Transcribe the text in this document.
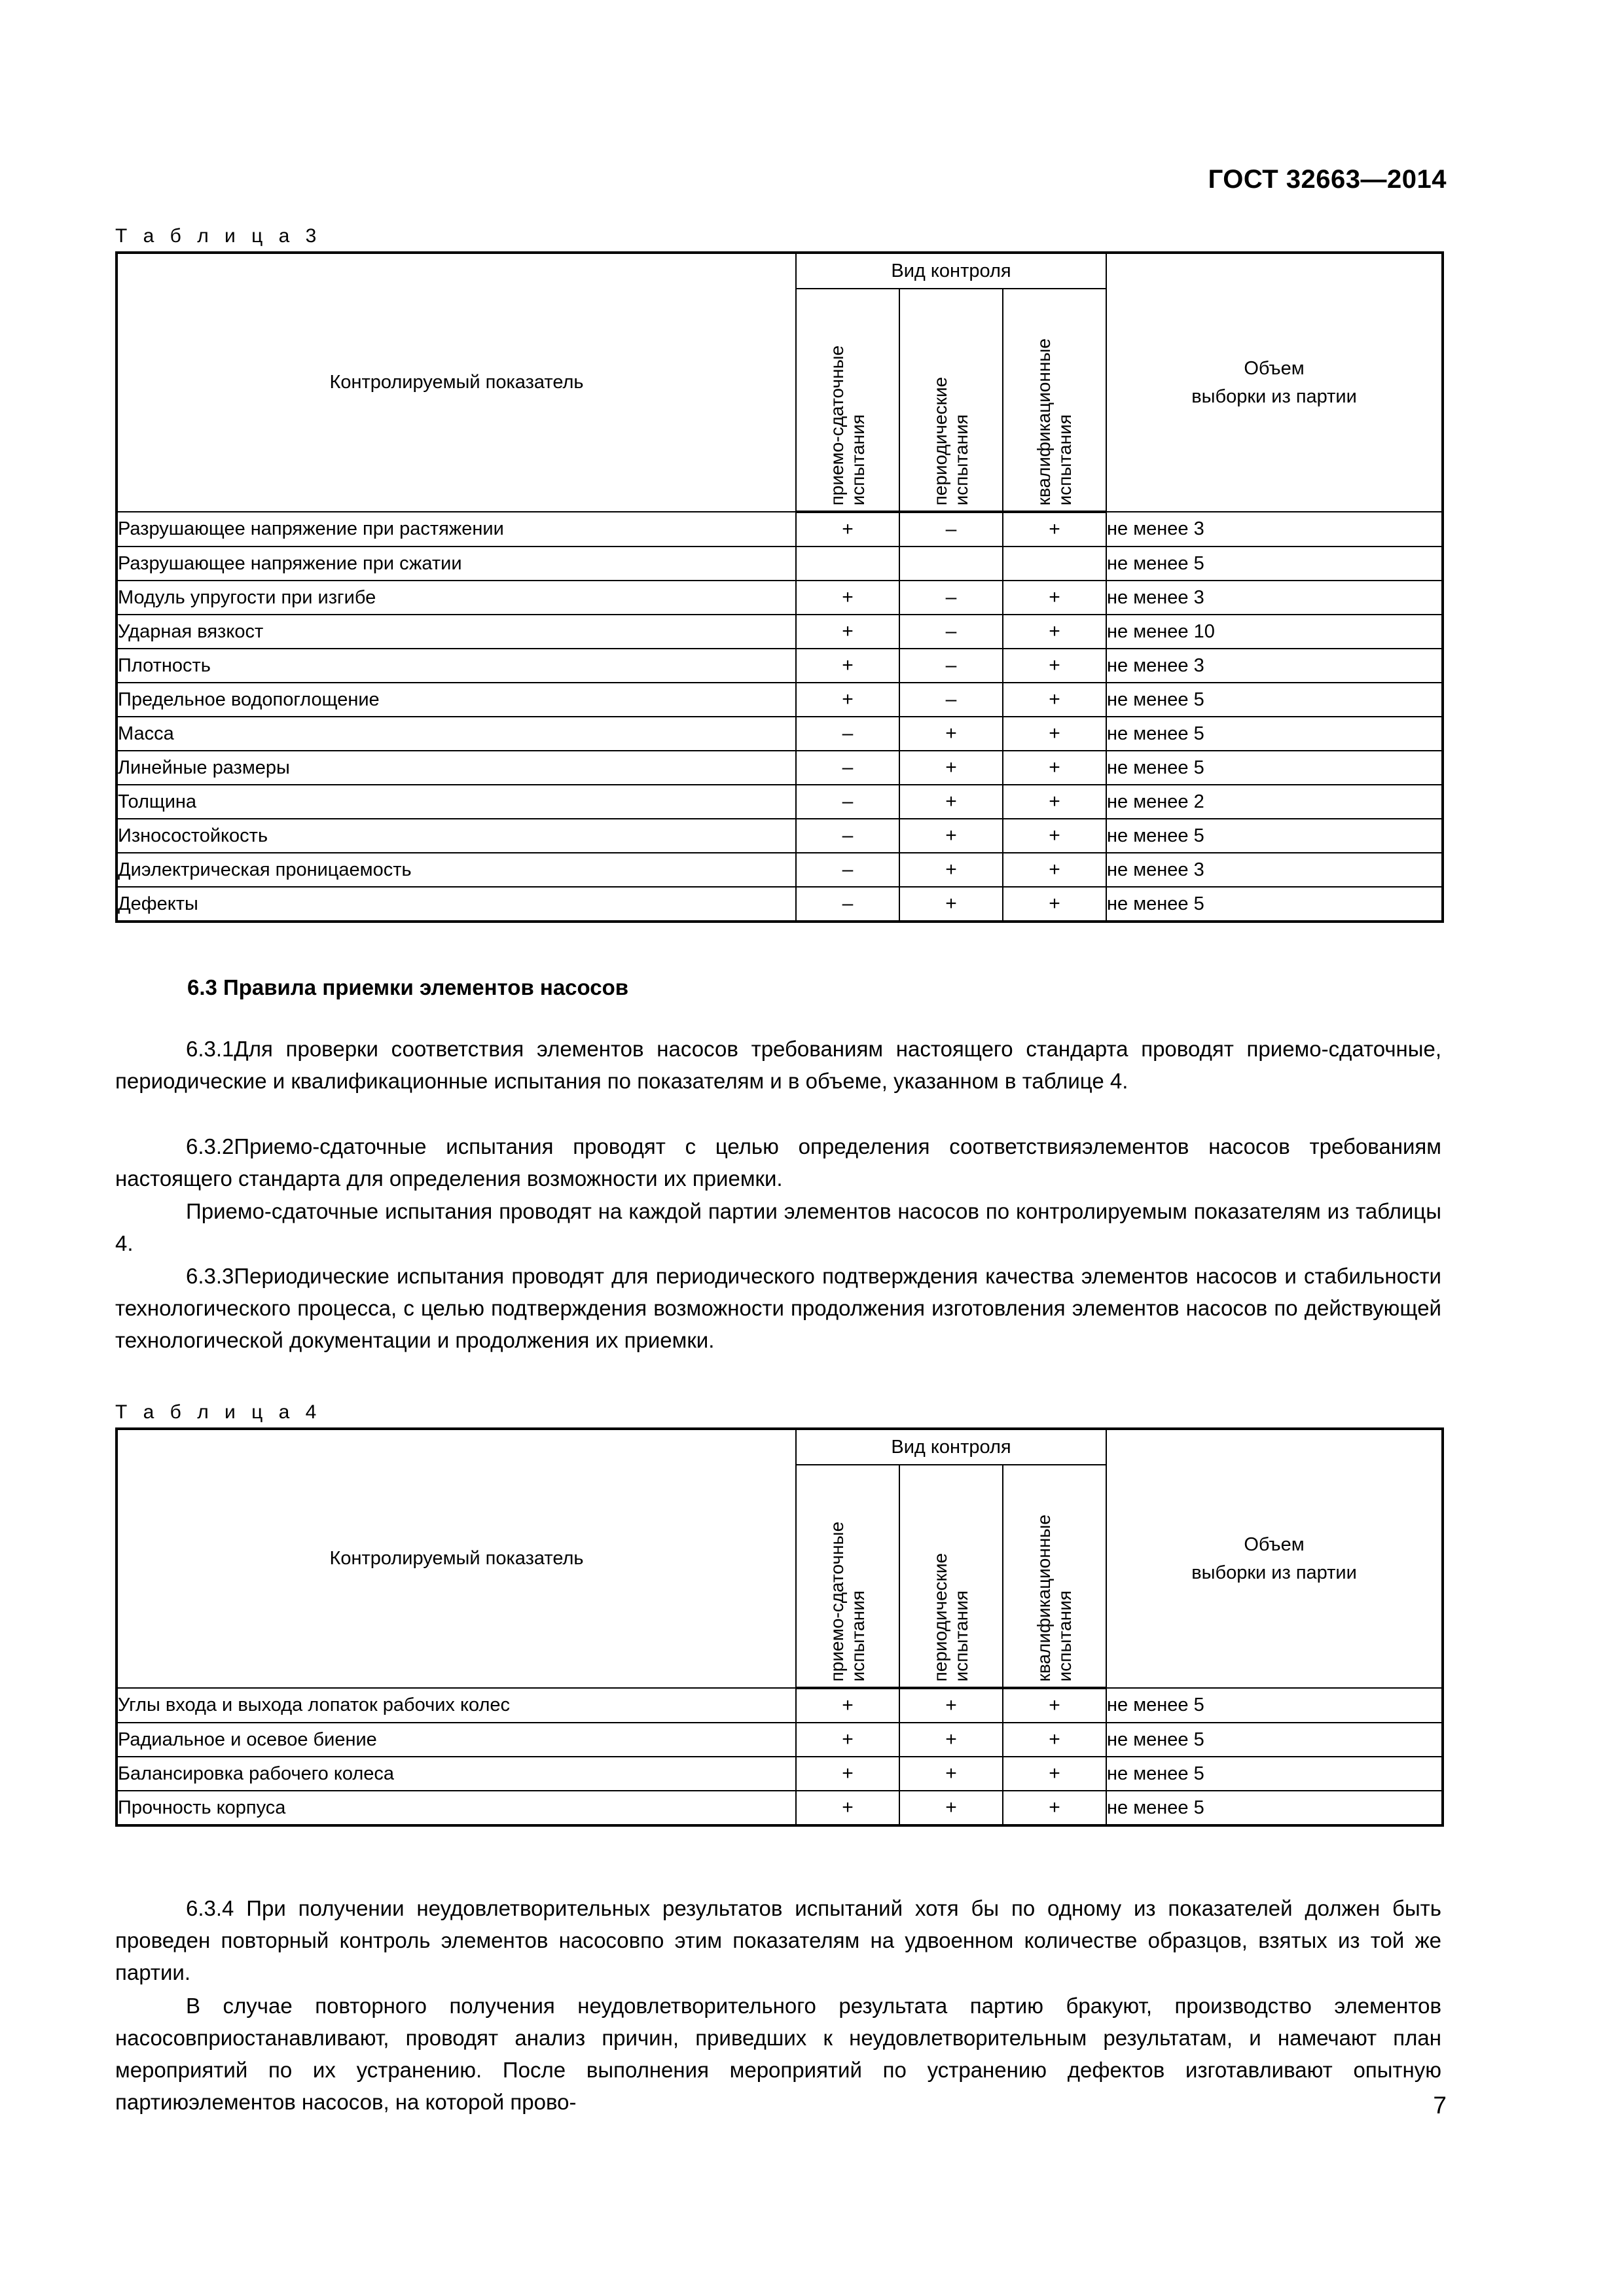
ГОСТ 32663—2014
Т а б л и ц а 3
Контролируемый показатель	Вид контроля			Объем
выборки из партии

	приемо-сдаточные испытания	периодические испытания	квалификационные испытания	

Разрушающее напряжение при растяжении	+	–	+	не менее 3
Разрушающее напряжение при сжатии				не менее 5
Модуль упругости при изгибе	+	–	+	не менее 3
Ударная вязкост	+	–	+	не менее 10
Плотность	+	–	+	не менее 3
Предельное водопоглощение	+	–	+	не менее 5
Масса	–	+	+	не менее 5
Линейные размеры	–	+	+	не менее 5
Толщина	–	+	+	не менее 2
Износостойкость	–	+	+	не менее 5
Диэлектрическая проницаемость	–	+	+	не менее 3
Дефекты	–	+	+	не менее 5
6.3 Правила приемки элементов насосов
6.3.1Для проверки соответствия элементов насосов требованиям настоящего стандарта проводят приемо-сдаточные, периодические и квалификационные испытания по показателям и в объеме, указанном в таблице 4.
6.3.2Приемо-сдаточные испытания проводят с целью определения соответствияэлементов насосов требованиям настоящего стандарта для определения возможности их приемки.
Приемо-сдаточные испытания проводят на каждой партии элементов насосов по контролируемым показателям из таблицы 4.
6.3.3Периодические испытания проводят для периодического подтверждения качества элементов насосов и стабильности технологического процесса, с целью подтверждения возможности продолжения изготовления элементов насосов по действующей технологической документации и продолжения их приемки.
Т а б л и ц а 4
Контролируемый показатель	Вид контроля			Объем
выборки из партии

	приемо-сдаточные испытания	периодические испытания	квалификационные испытания	

Углы входа и выхода лопаток рабочих колес	+	+	+	не менее 5
Радиальное и осевое биение	+	+	+	не менее 5
Балансировка рабочего колеса	+	+	+	не менее 5
Прочность корпуса	+	+	+	не менее 5
6.3.4 При получении неудовлетворительных результатов испытаний хотя бы по одному из показателей должен быть проведен повторный контроль элементов насосовпо этим показателям на удвоенном количестве образцов, взятых из той же партии.
В случае повторного получения неудовлетворительного результата партию бракуют, производство элементов насосовприостанавливают, проводят анализ причин, приведших к неудовлетворительным результатам, и намечают план мероприятий по их устранению. После выполнения мероприятий по устранению дефектов изготавливают опытную партиюэлементов насосов, на которой прово-	7
